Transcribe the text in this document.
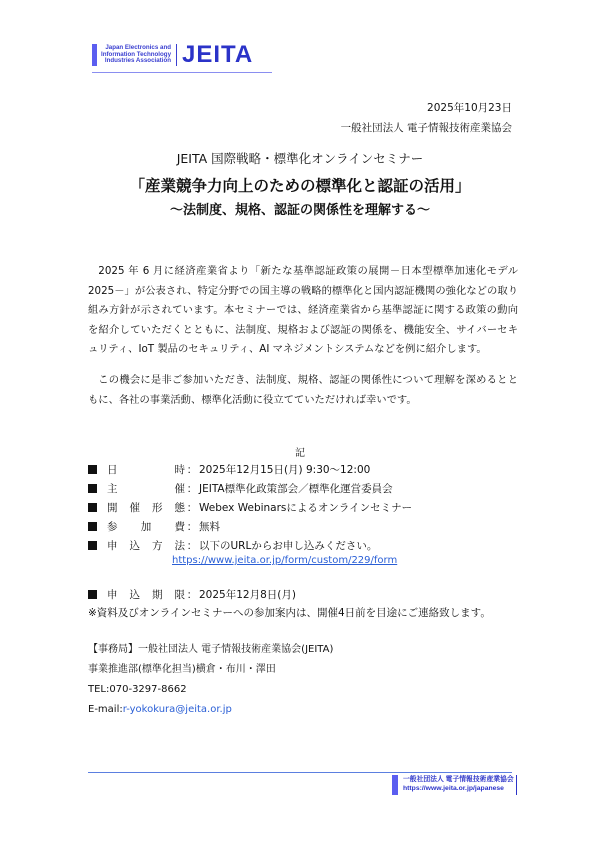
Japan Electronics and
Information Technology
Industries Association JEITA
2025年10月23日
一般社団法人 電子情報技術産業協会
JEITA 国際戦略・標準化オンラインセミナー
「産業競争力向上のための標準化と認証の活用」
～法制度、規格、認証の関係性を理解する～
2025 年 6 月に経済産業省より「新たな基準認証政策の展開－日本型標準加速化モデル 2025－」が公表され、特定分野での国主導の戦略的標準化と国内認証機関の強化などの取り組み方針が示されています。本セミナーでは、経済産業省から基準認証に関する政策の動向を紹介していただくとともに、法制度、規格および認証の関係を、機能安全、サイバーセキュリティ、IoT 製品のセキュリティ、AI マネジメントシステムなどを例に紹介します。
この機会に是非ご参加いただき、法制度、規格、認証の関係性について理解を深めるとともに、各社の事業活動、標準化活動に役立てていただければ幸いです。
記
日	時 ： 2025年12月15日(月) 9:30～12:00
主	催 ： JEITA標準化政策部会／標準化運営委員会
開 催 形 態 ： Webex Webinarsによるオンラインセミナー
参 加 費 ： 無料
申 込 方 法 ： 以下のURLからお申し込みください。
https://www.jeita.or.jp/form/custom/229/form
申 込 期 限 ： 2025年12月8日(月)
※資料及びオンラインセミナーへの参加案内は、開催4日前を目途にご連絡致します。
【事務局】一般社団法人 電子情報技術産業協会(JEITA)
事業推進部(標準化担当)横倉・布川・澤田
TEL:070-3297-8662
E-mail:r-yokokura@jeita.or.jp
一般社団法人 電子情報技術産業協会
https://www.jeita.or.jp/japanese
